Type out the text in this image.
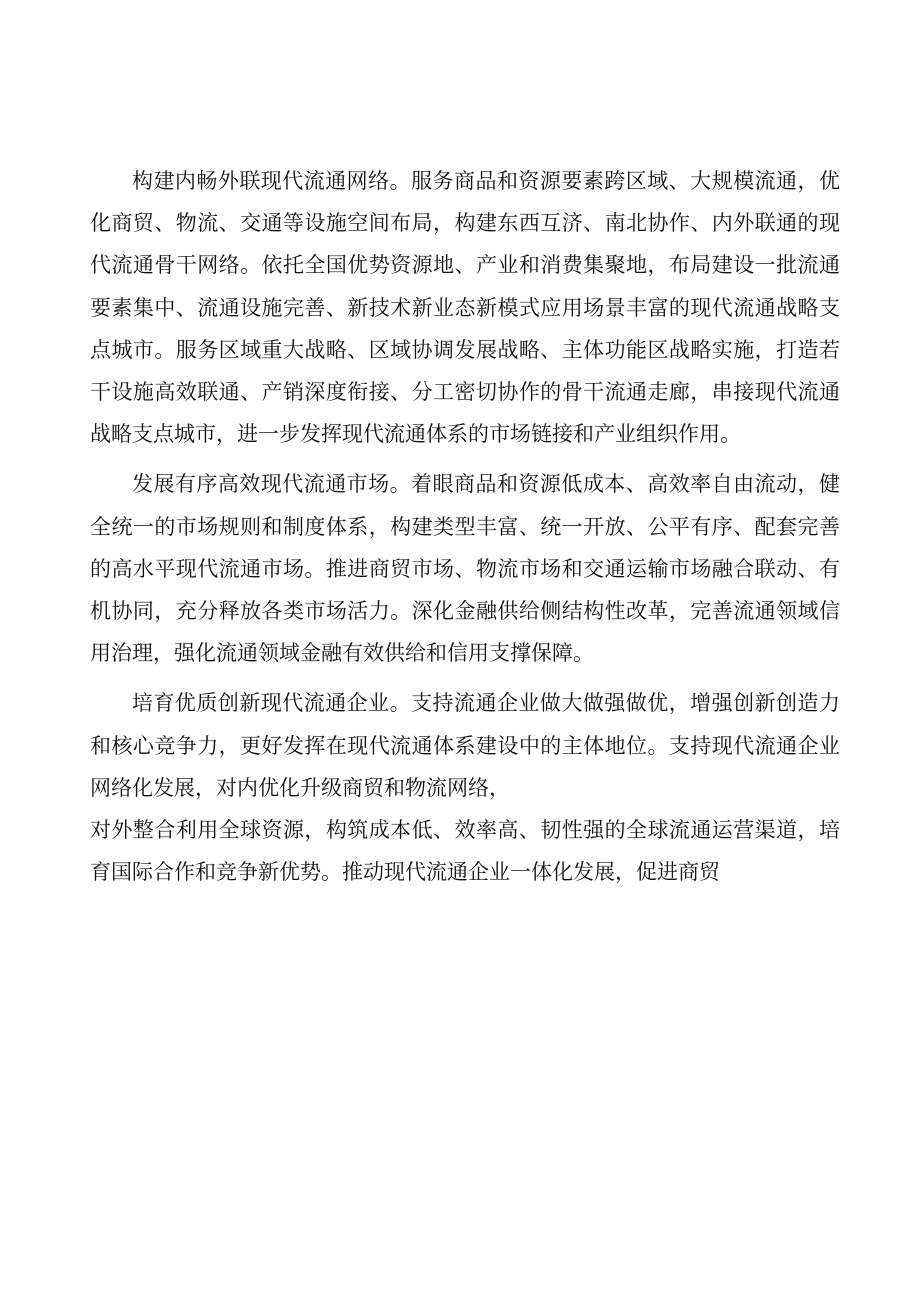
构建内畅外联现代流通网络。服务商品和资源要素跨区域、大规模流通，优化商贸、物流、交通等设施空间布局，构建东西互济、南北协作、内外联通的现代流通骨干网络。依托全国优势资源地、产业和消费集聚地，布局建设一批流通要素集中、流通设施完善、新技术新业态新模式应用场景丰富的现代流通战略支点城市。服务区域重大战略、区域协调发展战略、主体功能区战略实施，打造若干设施高效联通、产销深度衔接、分工密切协作的骨干流通走廊，串接现代流通战略支点城市，进一步发挥现代流通体系的市场链接和产业组织作用。

发展有序高效现代流通市场。着眼商品和资源低成本、高效率自由流动，健全统一的市场规则和制度体系，构建类型丰富、统一开放、公平有序、配套完善的高水平现代流通市场。推进商贸市场、物流市场和交通运输市场融合联动、有机协同，充分释放各类市场活力。深化金融供给侧结构性改革，完善流通领域信用治理，强化流通领域金融有效供给和信用支撑保障。

培育优质创新现代流通企业。支持流通企业做大做强做优，增强创新创造力和核心竞争力，更好发挥在现代流通体系建设中的主体地位。支持现代流通企业网络化发展，对内优化升级商贸和物流网络，

对外整合利用全球资源，构筑成本低、效率高、韧性强的全球流通运营渠道，培育国际合作和竞争新优势。推动现代流通企业一体化发展，促进商贸
